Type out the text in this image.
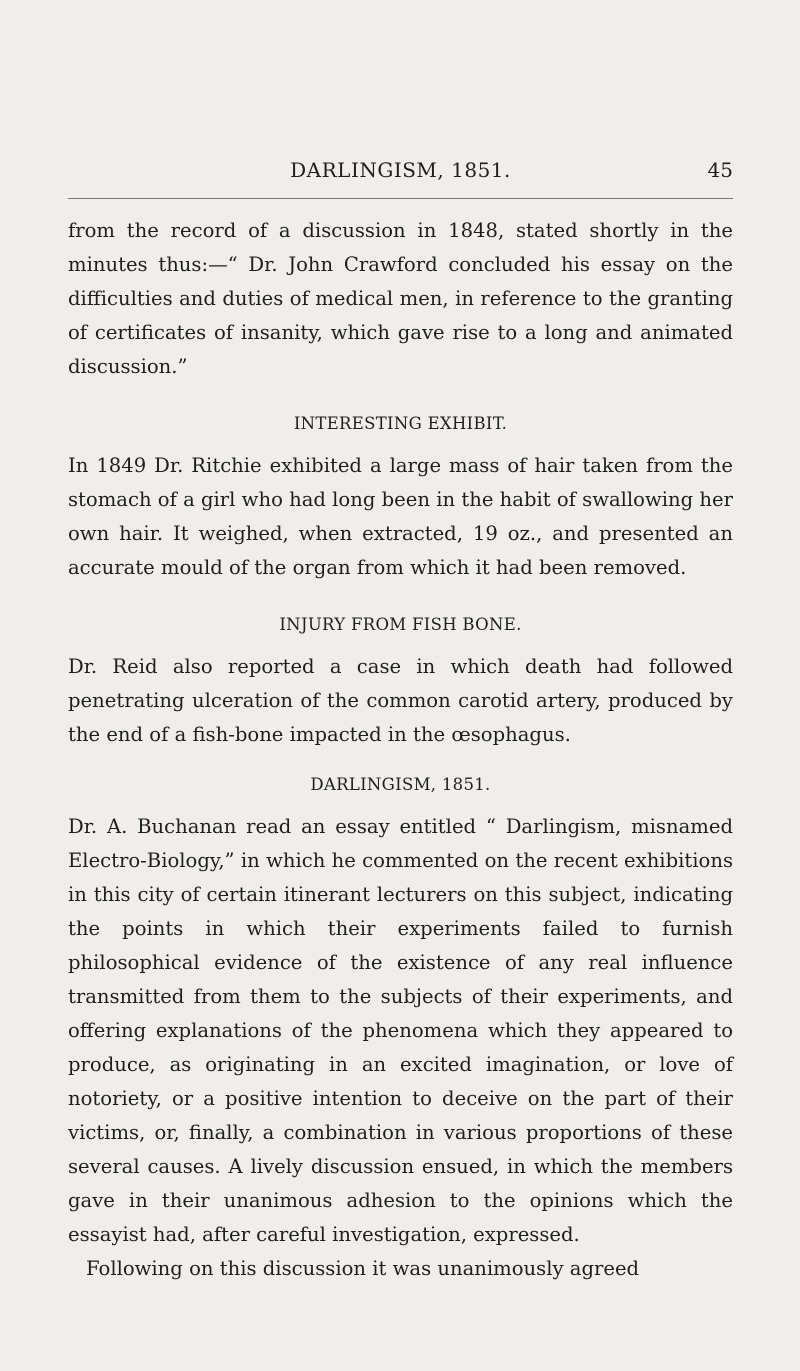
DARLINGISM, 1851.	45

from the record of a discussion in 1848, stated shortly in the minutes thus:—“ Dr. John Crawford concluded his essay on the difficulties and duties of medical men, in reference to the granting of certificates of insanity, which gave rise to a long and animated discussion.”

INTERESTING EXHIBIT.

In 1849 Dr. Ritchie exhibited a large mass of hair taken from the stomach of a girl who had long been in the habit of swallowing her own hair. It weighed, when extracted, 19 oz., and presented an accurate mould of the organ from which it had been removed.

INJURY FROM FISH BONE.

Dr. Reid also reported a case in which death had followed penetrating ulceration of the common carotid artery, produced by the end of a fish-bone impacted in the œsophagus.

DARLINGISM, 1851.

Dr. A. Buchanan read an essay entitled “ Darlingism, misnamed Electro-Biology,” in which he commented on the recent exhibitions in this city of certain itinerant lecturers on this subject, indicating the points in which their experiments failed to furnish philosophical evidence of the existence of any real influence transmitted from them to the subjects of their experiments, and offering explanations of the phenomena which they appeared to produce, as originating in an excited imagination, or love of notoriety, or a positive intention to deceive on the part of their victims, or, finally, a combination in various proportions of these several causes. A lively discussion ensued, in which the members gave in their unanimous adhesion to the opinions which the essayist had, after careful investigation, expressed.

Following on this discussion it was unanimously agreed
